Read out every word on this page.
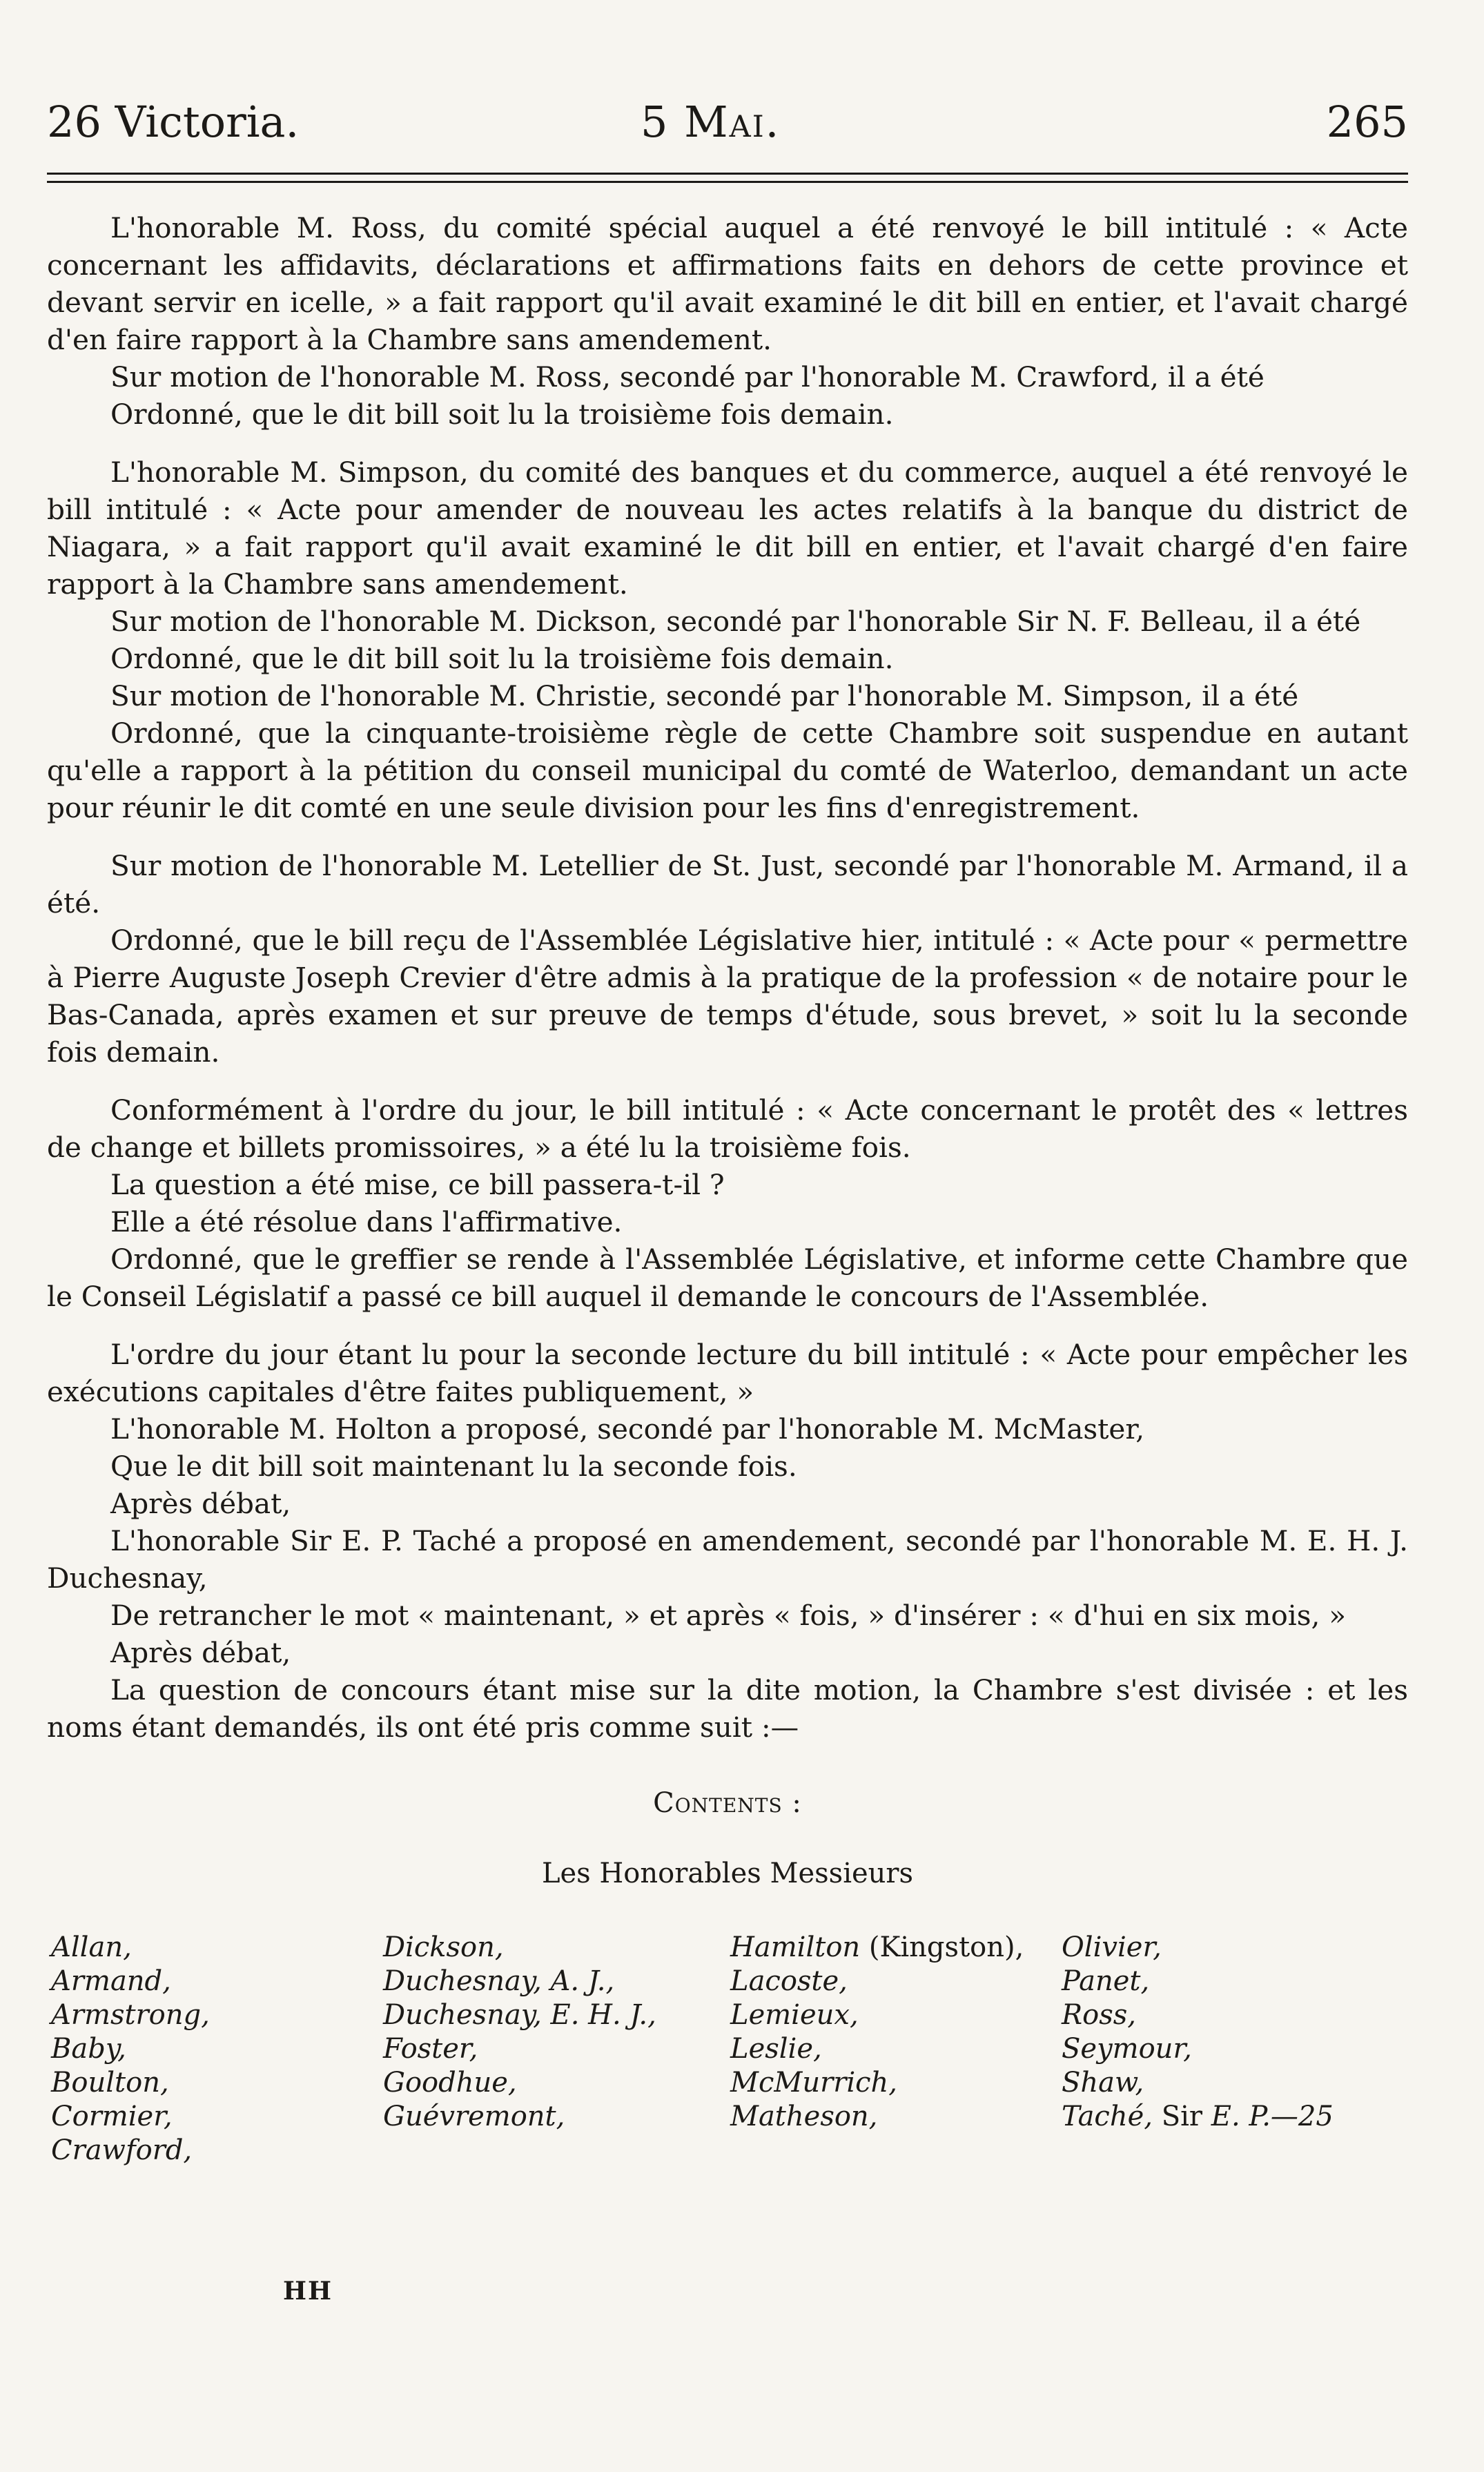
26 Victoria.	5 Mai.	265

L'honorable M. Ross, du comité spécial auquel a été renvoyé le bill intitulé : « Acte concernant les affidavits, déclarations et affirmations faits en dehors de cette province et devant servir en icelle, » a fait rapport qu'il avait examiné le dit bill en entier, et l'avait chargé d'en faire rapport à la Chambre sans amendement.

Sur motion de l'honorable M. Ross, secondé par l'honorable M. Crawford, il a été

Ordonné, que le dit bill soit lu la troisième fois demain.

L'honorable M. Simpson, du comité des banques et du commerce, auquel a été renvoyé le bill intitulé : « Acte pour amender de nouveau les actes relatifs à la banque du district de Niagara, » a fait rapport qu'il avait examiné le dit bill en entier, et l'avait chargé d'en faire rapport à la Chambre sans amendement.

Sur motion de l'honorable M. Dickson, secondé par l'honorable Sir N. F. Belleau, il a été

Ordonné, que le dit bill soit lu la troisième fois demain.

Sur motion de l'honorable M. Christie, secondé par l'honorable M. Simpson, il a été

Ordonné, que la cinquante-troisième règle de cette Chambre soit suspendue en autant qu'elle a rapport à la pétition du conseil municipal du comté de Waterloo, demandant un acte pour réunir le dit comté en une seule division pour les fins d'enregistrement.

Sur motion de l'honorable M. Letellier de St. Just, secondé par l'honorable M. Armand, il a été.

Ordonné, que le bill reçu de l'Assemblée Législative hier, intitulé : « Acte pour « permettre à Pierre Auguste Joseph Crevier d'être admis à la pratique de la profession « de notaire pour le Bas-Canada, après examen et sur preuve de temps d'étude, sous brevet, » soit lu la seconde fois demain.

Conformément à l'ordre du jour, le bill intitulé : « Acte concernant le protêt des « lettres de change et billets promissoires, » a été lu la troisième fois.

La question a été mise, ce bill passera-t-il ?

Elle a été résolue dans l'affirmative.

Ordonné, que le greffier se rende à l'Assemblée Législative, et informe cette Chambre que le Conseil Législatif a passé ce bill auquel il demande le concours de l'Assemblée.

L'ordre du jour étant lu pour la seconde lecture du bill intitulé : « Acte pour empêcher les exécutions capitales d'être faites publiquement, »

L'honorable M. Holton a proposé, secondé par l'honorable M. McMaster,

Que le dit bill soit maintenant lu la seconde fois.

Après débat,

L'honorable Sir E. P. Taché a proposé en amendement, secondé par l'honorable M. E. H. J. Duchesnay,

De retrancher le mot « maintenant, » et après « fois, » d'insérer : « d'hui en six mois, »

Après débat,

La question de concours étant mise sur la dite motion, la Chambre s'est divisée : et les noms étant demandés, ils ont été pris comme suit :—

Contents :

Les Honorables Messieurs

Allan,
Armand,
Armstrong,
Baby,
Boulton,
Cormier,
Crawford,
Dickson,
Duchesnay, A. J.,
Duchesnay, E. H. J.,
Foster,
Goodhue,
Guévremont,
Hamilton (Kingston),
Lacoste,
Lemieux,
Leslie,
McMurrich,
Matheson,
Olivier,
Panet,
Ross,
Seymour,
Shaw,
Taché, Sir E. P.—25
HH
